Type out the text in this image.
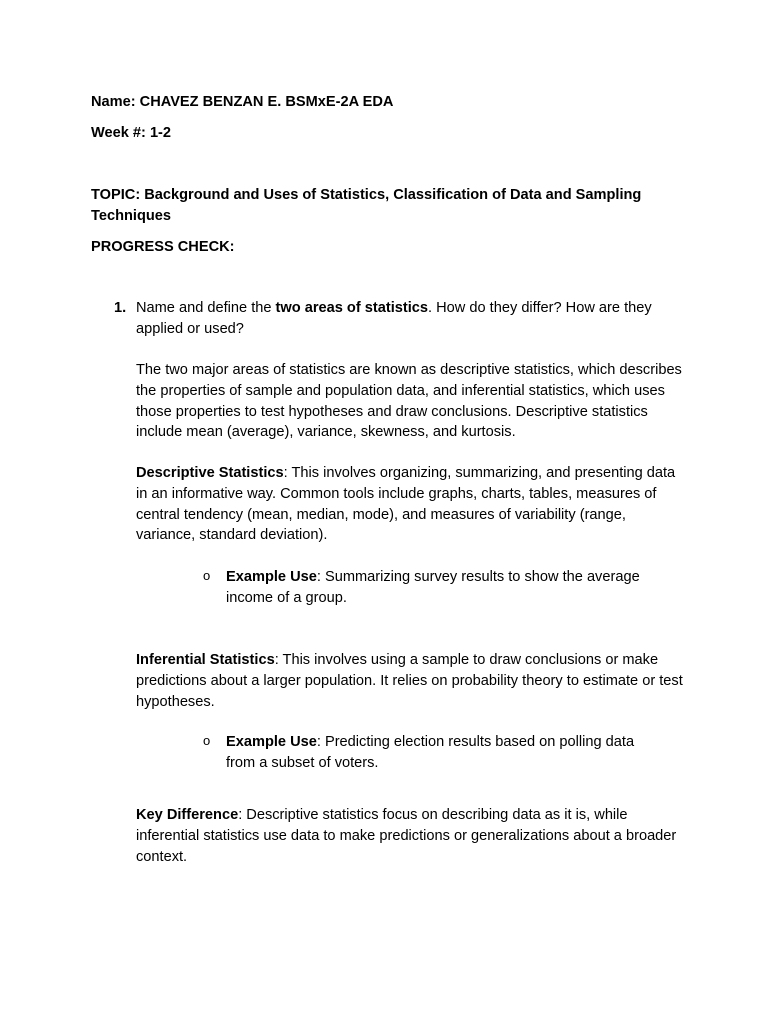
Name: CHAVEZ BENZAN E. BSMxE-2A EDA

Week #: 1-2

TOPIC: Background and Uses of Statistics, Classification of Data and Sampling Techniques

PROGRESS CHECK:

1. Name and define the two areas of statistics. How do they differ? How are they applied or used?

The two major areas of statistics are known as descriptive statistics, which describes the properties of sample and population data, and inferential statistics, which uses those properties to test hypotheses and draw conclusions. Descriptive statistics include mean (average), variance, skewness, and kurtosis.

Descriptive Statistics: This involves organizing, summarizing, and presenting data in an informative way. Common tools include graphs, charts, tables, measures of central tendency (mean, median, mode), and measures of variability (range, variance, standard deviation).

o Example Use: Summarizing survey results to show the average income of a group.

Inferential Statistics: This involves using a sample to draw conclusions or make predictions about a larger population. It relies on probability theory to estimate or test hypotheses.

o Example Use: Predicting election results based on polling data from a subset of voters.

Key Difference: Descriptive statistics focus on describing data as it is, while inferential statistics use data to make predictions or generalizations about a broader context.
